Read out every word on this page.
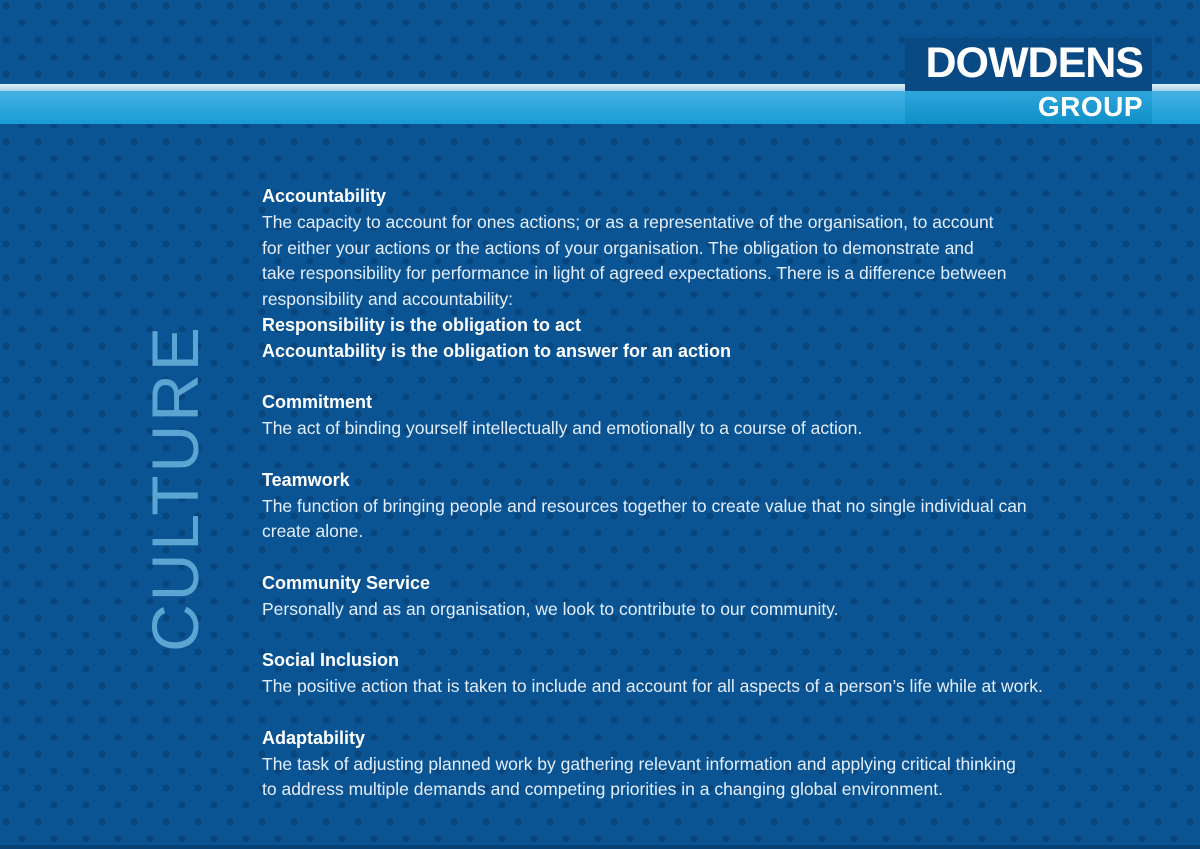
DOWDENS
GROUP
CULTURE
Accountability
The capacity to account for ones actions; or as a representative of the organisation, to account
for either your actions or the actions of your organisation. The obligation to demonstrate and
take responsibility for performance in light of agreed expectations. There is a difference between
responsibility and accountability:
Responsibility is the obligation to act
Accountability is the obligation to answer for an action
Commitment
The act of binding yourself intellectually and emotionally to a course of action.
Teamwork
The function of bringing people and resources together to create value that no single individual can
create alone.
Community Service
Personally and as an organisation, we look to contribute to our community.
Social Inclusion
The positive action that is taken to include and account for all aspects of a person’s life while at work.
Adaptability
The task of adjusting planned work by gathering relevant information and applying critical thinking
to address multiple demands and competing priorities in a changing global environment.
